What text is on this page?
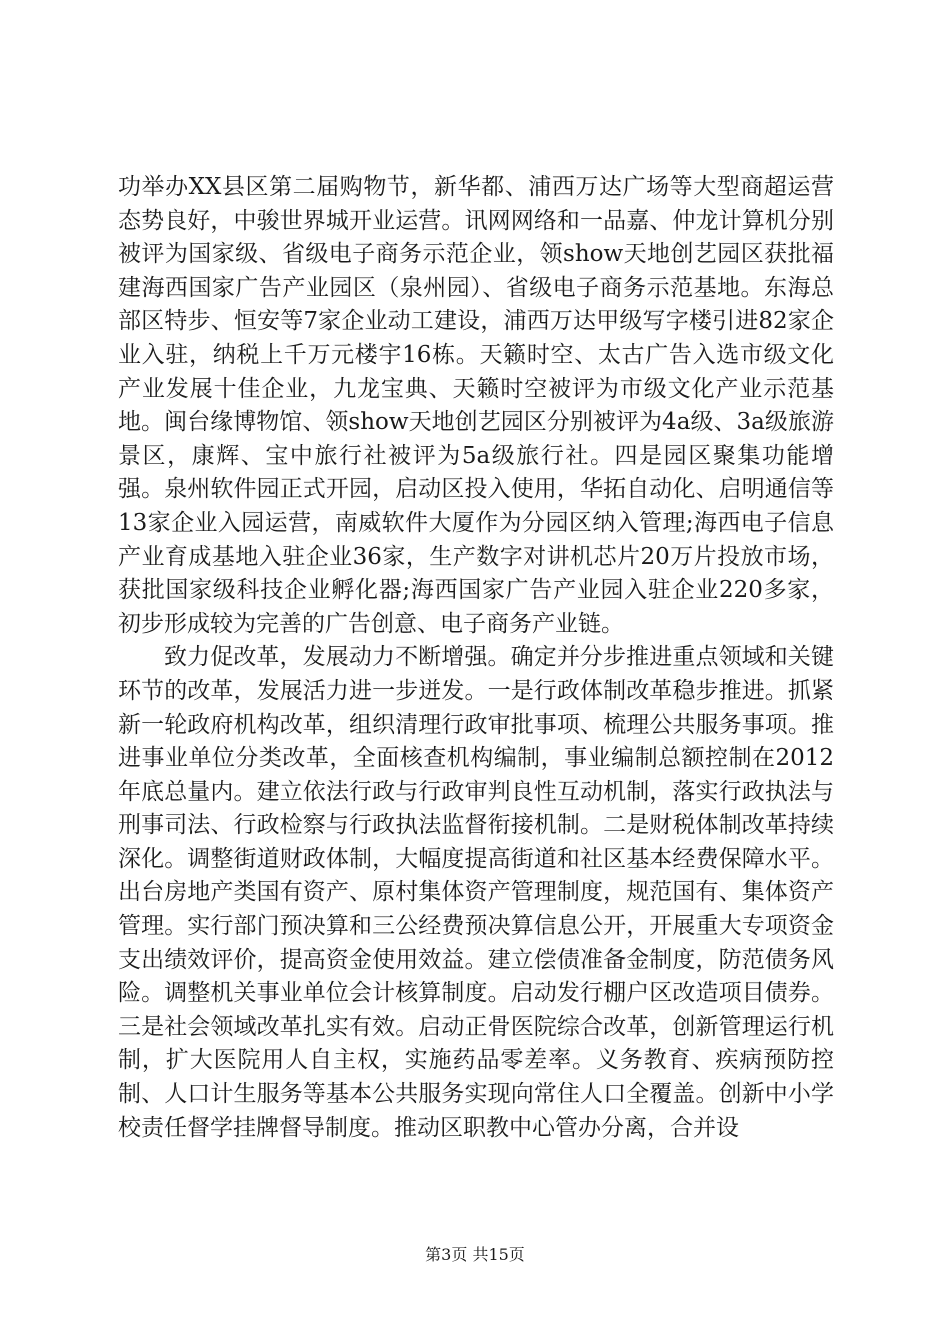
功举办XX县区第二届购物节，新华都、浦西万达广场等大型商超运营态势良好，中骏世界城开业运营。讯网网络和一品嘉、仲龙计算机分别被评为国家级、省级电子商务示范企业，领show天地创艺园区获批福建海西国家广告产业园区（泉州园）、省级电子商务示范基地。东海总部区特步、恒安等7家企业动工建设，浦西万达甲级写字楼引进82家企业入驻，纳税上千万元楼宇16栋。天籁时空、太古广告入选市级文化产业发展十佳企业，九龙宝典、天籁时空被评为市级文化产业示范基地。闽台缘博物馆、领show天地创艺园区分别被评为4a级、3a级旅游景区，康辉、宝中旅行社被评为5a级旅行社。四是园区聚集功能增强。泉州软件园正式开园，启动区投入使用，华拓自动化、启明通信等13家企业入园运营，南威软件大厦作为分园区纳入管理;海西电子信息产业育成基地入驻企业36家，生产数字对讲机芯片20万片投放市场，获批国家级科技企业孵化器;海西国家广告产业园入驻企业220多家，初步形成较为完善的广告创意、电子商务产业链。

致力促改革，发展动力不断增强。确定并分步推进重点领域和关键环节的改革，发展活力进一步迸发。一是行政体制改革稳步推进。抓紧新一轮政府机构改革，组织清理行政审批事项、梳理公共服务事项。推进事业单位分类改革，全面核查机构编制，事业编制总额控制在2012年底总量内。建立依法行政与行政审判良性互动机制，落实行政执法与刑事司法、行政检察与行政执法监督衔接机制。二是财税体制改革持续深化。调整街道财政体制，大幅度提高街道和社区基本经费保障水平。出台房地产类国有资产、原村集体资产管理制度，规范国有、集体资产管理。实行部门预决算和三公经费预决算信息公开，开展重大专项资金支出绩效评价，提高资金使用效益。建立偿债准备金制度，防范债务风险。调整机关事业单位会计核算制度。启动发行棚户区改造项目债券。三是社会领域改革扎实有效。启动正骨医院综合改革，创新管理运行机制，扩大医院用人自主权，实施药品零差率。义务教育、疾病预防控制、人口计生服务等基本公共服务实现向常住人口全覆盖。创新中小学校责任督学挂牌督导制度。推动区职教中心管办分离，合并设

第3页 共15页
